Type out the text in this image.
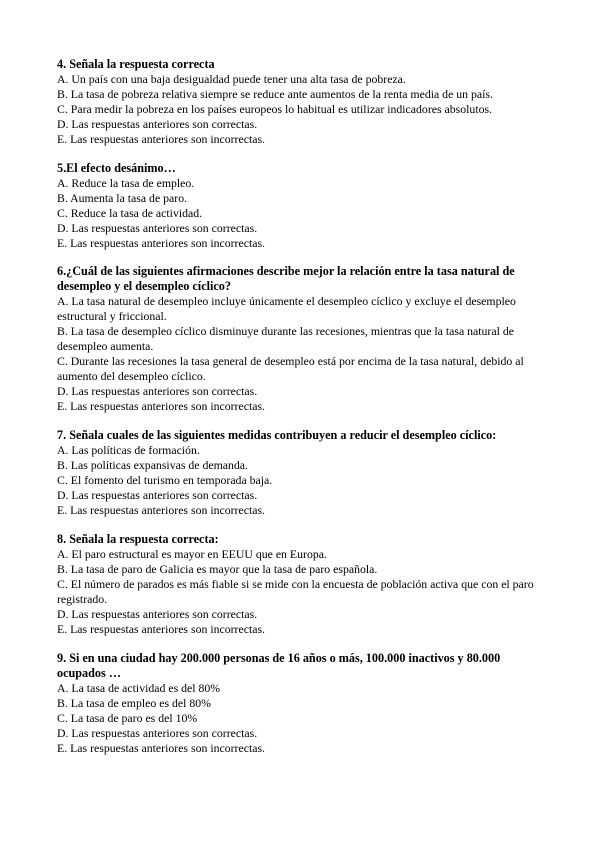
4. Señala la respuesta correcta

A. Un país con una baja desigualdad puede tener una alta tasa de pobreza.
B. La tasa de pobreza relativa siempre se reduce ante aumentos de la renta media de un país.
C. Para medir la pobreza en los países europeos lo habitual es utilizar indicadores absolutos.
D. Las respuestas anteriores son correctas.
E. Las respuestas anteriores son incorrectas.

5.El efecto desánimo…

A. Reduce la tasa de empleo.
B. Aumenta la tasa de paro.
C. Reduce la tasa de actividad.
D. Las respuestas anteriores son correctas.
E. Las respuestas anteriores son incorrectas.

6.¿Cuál de las siguientes afirmaciones describe mejor la relación entre la tasa natural de desempleo y el desempleo cíclico?

A. La tasa natural de desempleo incluye únicamente el desempleo cíclico y excluye el desempleo estructural y friccional.
B. La tasa de desempleo cíclico disminuye durante las recesiones, mientras que la tasa natural de desempleo aumenta.
C. Durante las recesiones la tasa general de desempleo está por encima de la tasa natural, debido al aumento del desempleo cíclico.
D. Las respuestas anteriores son correctas.
E. Las respuestas anteriores son incorrectas.

7. Señala cuales de las siguientes medidas contribuyen a reducir el desempleo cíclico:

A. Las políticas de formación.
B. Las políticas expansivas de demanda.
C. El fomento del turismo en temporada baja.
D. Las respuestas anteriores son correctas.
E. Las respuestas anteriores son incorrectas.

8. Señala la respuesta correcta:

A. El paro estructural es mayor en EEUU que en Europa.
B. La tasa de paro de Galicia es mayor que la tasa de paro española.
C. El número de parados es más fiable si se mide con la encuesta de población activa que con el paro registrado.
D. Las respuestas anteriores son correctas.
E. Las respuestas anteriores son incorrectas.

9. Si en una ciudad hay 200.000 personas de 16 años o más, 100.000 inactivos y 80.000 ocupados …

A. La tasa de actividad es del 80%
B. La tasa de empleo es del 80%
C. La tasa de paro es del 10%
D. Las respuestas anteriores son correctas.
E. Las respuestas anteriores son incorrectas.
